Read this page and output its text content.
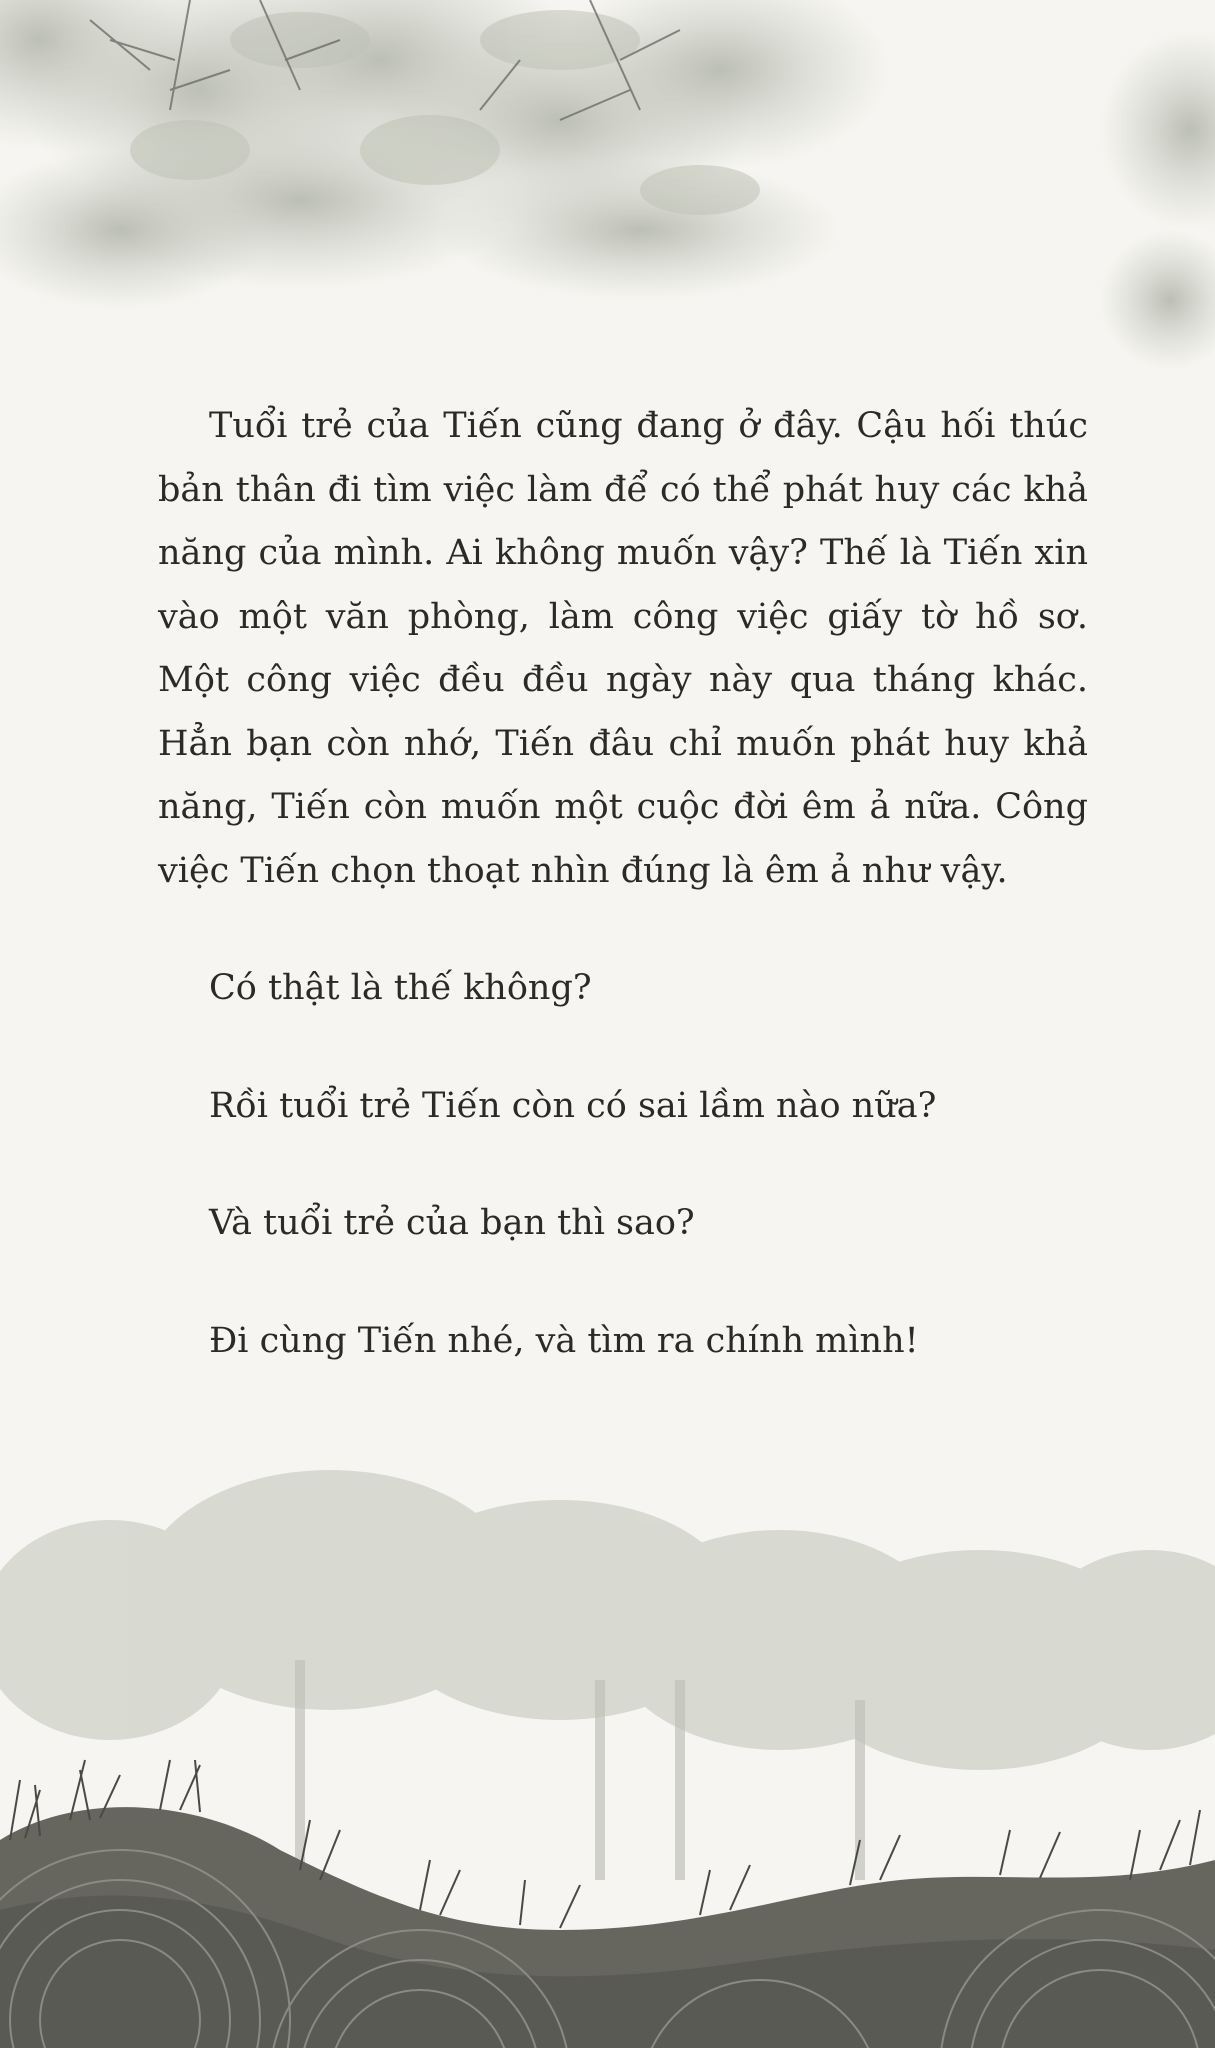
Tuổi trẻ của Tiến cũng đang ở đây. Cậu hối thúc bản thân đi tìm việc làm để có thể phát huy các khả năng của mình. Ai không muốn vậy? Thế là Tiến xin vào một văn phòng, làm công việc giấy tờ hồ sơ. Một công việc đều đều ngày này qua tháng khác. Hẳn bạn còn nhớ, Tiến đâu chỉ muốn phát huy khả năng, Tiến còn muốn một cuộc đời êm ả nữa. Công việc Tiến chọn thoạt nhìn đúng là êm ả như vậy.

Có thật là thế không?
Rồi tuổi trẻ Tiến còn có sai lầm nào nữa?
Và tuổi trẻ của bạn thì sao?
Đi cùng Tiến nhé, và tìm ra chính mình!
